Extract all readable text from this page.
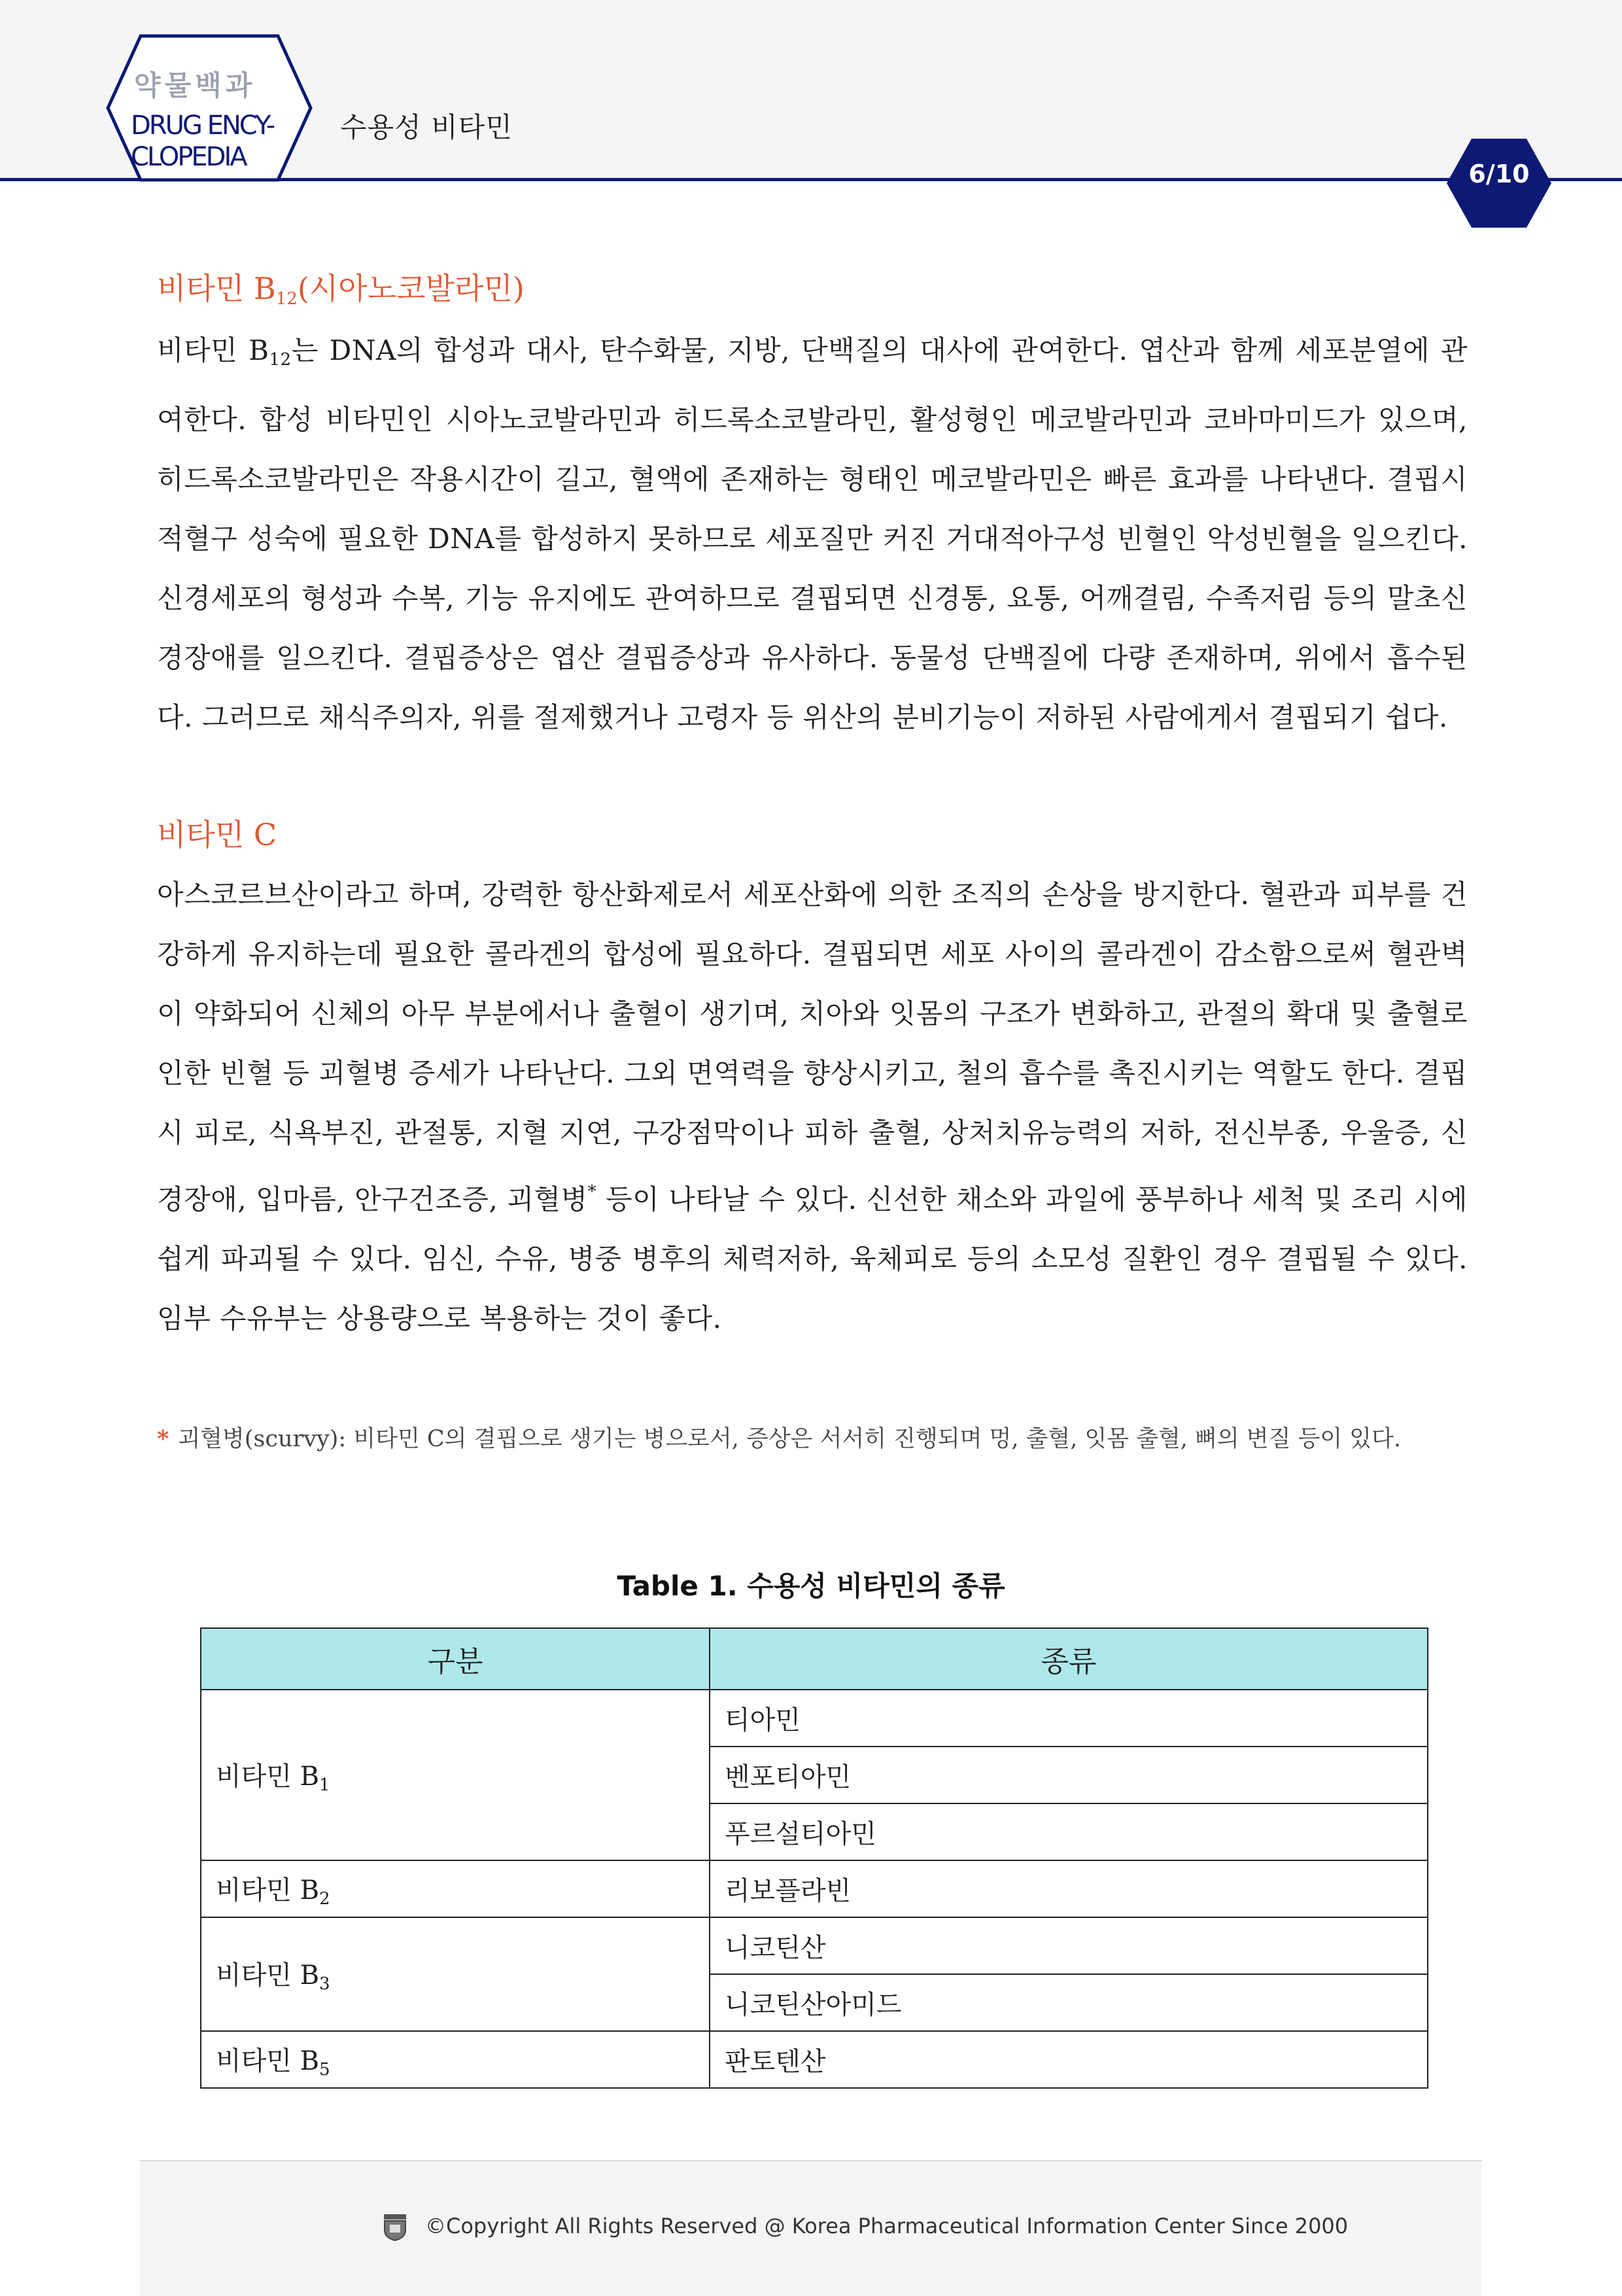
약물백과
DRUG ENCY-
CLOPEDIA
수용성 비타민
6/10
비타민 $B_{12}$(시아노코발라민)
비타민 $B_{12}$는 DNA의 합성과 대사, 탄수화물, 지방, 단백질의 대사에 관여한다. 엽산과 함께 세포분열에 관여한다. 합성 비타민인 시아노코발라민과 히드록소코발라민, 활성형인 메코발라민과 코바마미드가 있으며, 히드록소코발라민은 작용시간이 길고, 혈액에 존재하는 형태인 메코발라민은 빠른 효과를 나타낸다. 결핍시 적혈구 성숙에 필요한 DNA를 합성하지 못하므로 세포질만 커진 거대적아구성 빈혈인 악성빈혈을 일으킨다. 신경세포의 형성과 수복, 기능 유지에도 관여하므로 결핍되면 신경통, 요통, 어깨결림, 수족저림 등의 말초신경장애를 일으킨다. 결핍증상은 엽산 결핍증상과 유사하다. 동물성 단백질에 다량 존재하며, 위에서 흡수된다. 그러므로 채식주의자, 위를 절제했거나 고령자 등 위산의 분비기능이 저하된 사람에게서 결핍되기 쉽다.
비타민 C
아스코르브산이라고 하며, 강력한 항산화제로서 세포산화에 의한 조직의 손상을 방지한다. 혈관과 피부를 건강하게 유지하는데 필요한 콜라겐의 합성에 필요하다. 결핍되면 세포 사이의 콜라겐이 감소함으로써 혈관벽이 약화되어 신체의 아무 부분에서나 출혈이 생기며, 치아와 잇몸의 구조가 변화하고, 관절의 확대 및 출혈로 인한 빈혈 등 괴혈병 증세가 나타난다. 그외 면역력을 향상시키고, 철의 흡수를 촉진시키는 역할도 한다. 결핍 시 피로, 식욕부진, 관절통, 지혈 지연, 구강점막이나 피하 출혈, 상처치유능력의 저하, 전신부종, 우울증, 신경장애, 입마름, 안구건조증, 괴혈병* 등이 나타날 수 있다. 신선한 채소와 과일에 풍부하나 세척 및 조리 시에 쉽게 파괴될 수 있다. 임신, 수유, 병중 병후의 체력저하, 육체피로 등의 소모성 질환인 경우 결핍될 수 있다. 임부 수유부는 상용량으로 복용하는 것이 좋다.
* 괴혈병(scurvy): 비타민 C의 결핍으로 생기는 병으로서, 증상은 서서히 진행되며 멍, 출혈, 잇몸 출혈, 뼈의 변질 등이 있다.
Table 1. 수용성 비타민의 종류
구분	종류
비타민 $B_1$	티아민
	벤포티아민
	푸르설티아민
비타민 $B_2$	리보플라빈
비타민 $B_3$	니코틴산
	니코틴산아미드
비타민 $B_5$	판토텐산
©Copyright All Rights Reserved @ Korea Pharmaceutical Information Center Since 2000
